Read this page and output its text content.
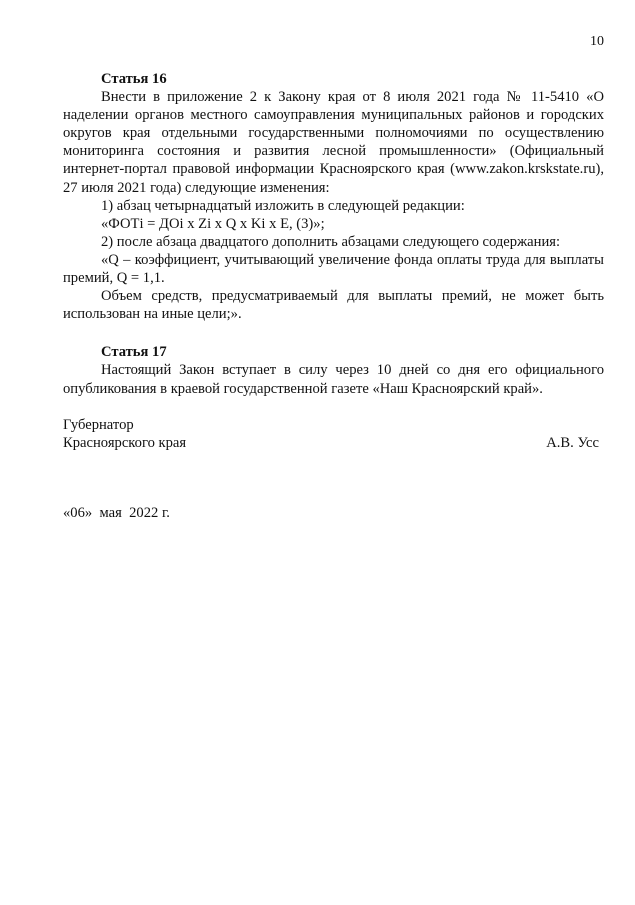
10

Статья 16

Внести в приложение 2 к Закону края от 8 июля 2021 года № 11-5410 «О наделении органов местного самоуправления муниципальных районов и городских округов края отдельными государственными полномочиями по осуществлению мониторинга состояния и развития лесной промышленности» (Официальный интернет-портал правовой информации Красноярского края (www.zakon.krskstate.ru), 27 июля 2021 года) следующие изменения:

1) абзац четырнадцатый изложить в следующей редакции:

«ФОТi = ДОi x Zi x Q x Ki x E, (3)»;

2) после абзаца двадцатого дополнить абзацами следующего содержания:

«Q – коэффициент, учитывающий увеличение фонда оплаты труда для выплаты премий, Q = 1,1.

Объем средств, предусматриваемый для выплаты премий, не может быть использован на иные цели;».

Статья 17

Настоящий Закон вступает в силу через 10 дней со дня его официального опубликования в краевой государственной газете «Наш Красноярский край».

Губернатор
Красноярского края	А.В. Усс
«06»  мая  2022 г.
